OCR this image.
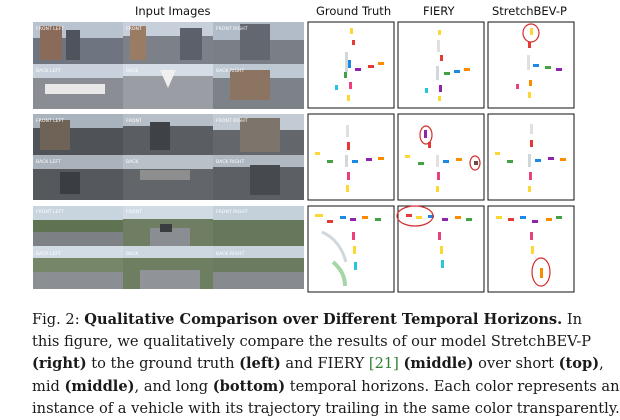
Input Images	Ground Truth	FIERY	StretchBEV-P
FRONT LEFT	FRONT	FRONT RIGHT
BACK LEFT	BACK	BACK RIGHT
FRONT LEFT	FRONT	FRONT RIGHT
BACK LEFT	BACK	BACK RIGHT
FRONT LEFT	FRONT	FRONT RIGHT
BACK LEFT	BACK	BACK RIGHT
Fig. 2: Qualitative Comparison over Different Temporal Horizons. In
this figure, we qualitatively compare the results of our model StretchBEV-P
(right) to the ground truth (left) and FIERY [21] (middle) over short (top),
mid (middle), and long (bottom) temporal horizons. Each color represents an
instance of a vehicle with its trajectory trailing in the same color transparently.
